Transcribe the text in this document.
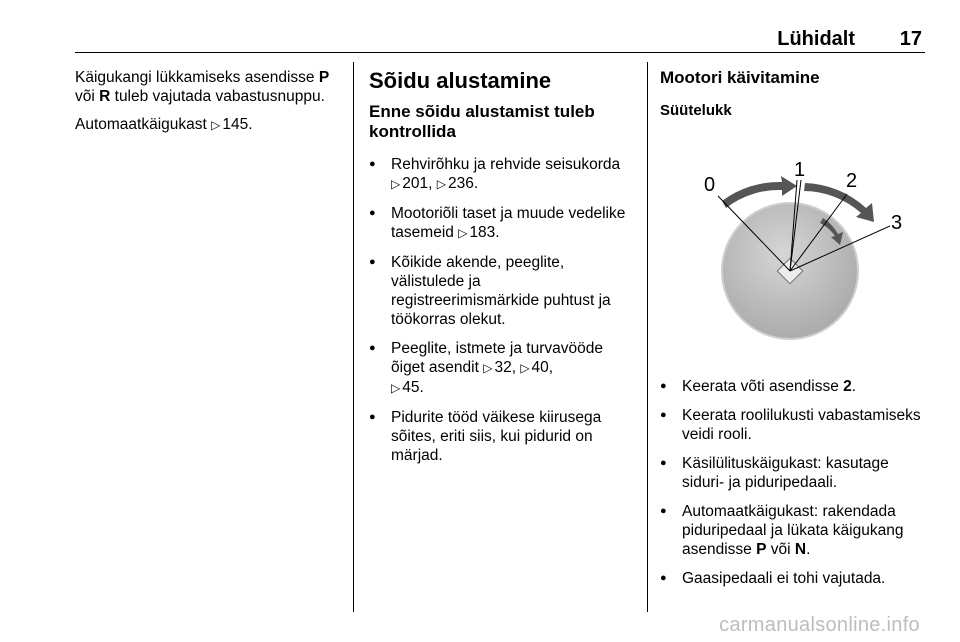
Lühidalt 17

Käigukangi lükkamiseks asendisse P või R tuleb vajutada vabastusnuppu.

Automaatkäigukast ▷ 145.

Sõidu alustamine
Enne sõidu alustamist tuleb kontrollida
● Rehvirõhku ja rehvide seisukorda ▷ 201, ▷ 236.
● Mootoriõli taset ja muude vedelike tasemeid ▷ 183.
● Kõikide akende, peeglite, välistulede ja registreerimismärkide puhtust ja töökorras olekut.
● Peeglite, istmete ja turvavööde õiget asendit ▷ 32, ▷ 40,
▷ 45.
● Pidurite tööd väikese kiirusega sõites, eriti siis, kui pidurid on märjad.
Mootori käivitamine
Süütelukk
0
1 2
3
● Keerata võti asendisse 2.
● Keerata roolilukusti vabastamiseks veidi rooli.
● Käsilülituskäigukast: kasutage siduri- ja piduripedaali.
● Automaatkäigukast: rakendada piduripedaal ja lükata käigukang asendisse P või N.
● Gaasipedaali ei tohi vajutada.
carmanualsonline.info
